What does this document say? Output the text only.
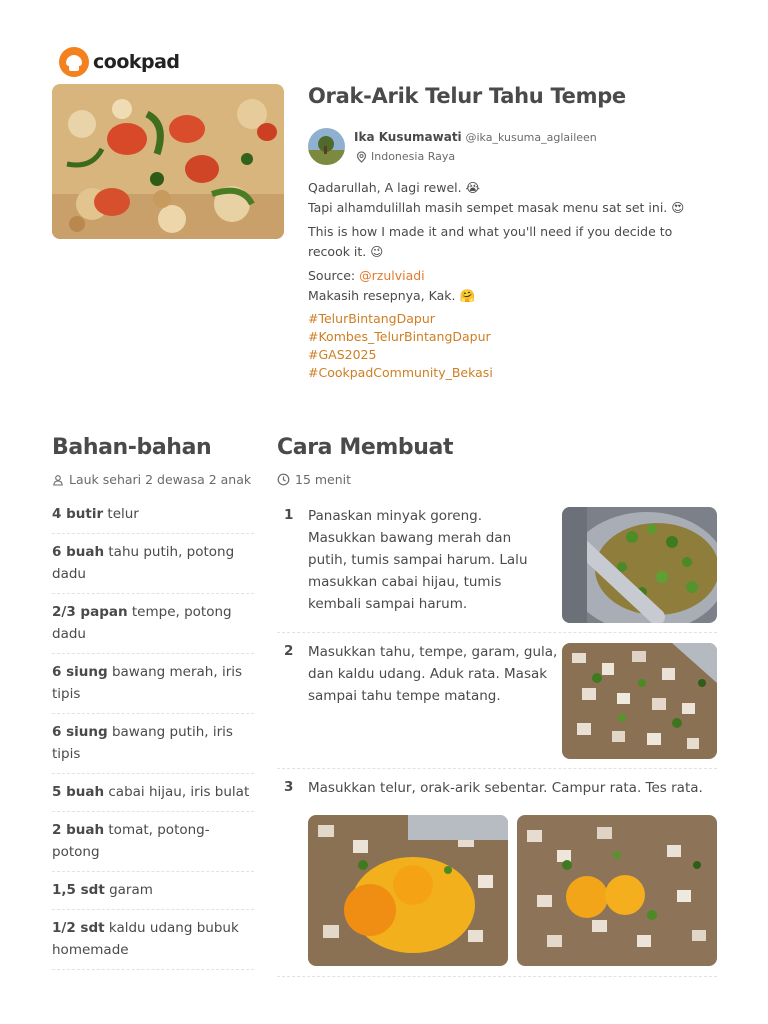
cookpad
Orak-Arik Telur Tahu Tempe
Ika Kusumawati @ika_kusuma_aglaileen
Indonesia Raya
Qadarullah, A lagi rewel. 😭
Tapi alhamdulillah masih sempet masak menu sat set ini. 😍
This is how I made it and what you'll need if you decide to recook it. 😉
Source: @rzulviadi
Makasih resepnya, Kak. 🤗
#TelurBintangDapur
#Kombes_TelurBintangDapur
#GAS2025
#CookpadCommunity_Bekasi
Bahan-bahan
Lauk sehari 2 dewasa 2 anak
4 butir telur
6 buah tahu putih, potong dadu
2/3 papan tempe, potong dadu
6 siung bawang merah, iris tipis
6 siung bawang putih, iris tipis
5 buah cabai hijau, iris bulat
2 buah tomat, potong-potong
1,5 sdt garam
1/2 sdt kaldu udang bubuk homemade
Cara Membuat
15 menit
1 Panaskan minyak goreng. Masukkan bawang merah dan putih, tumis sampai harum. Lalu masukkan cabai hijau, tumis kembali sampai harum.
2 Masukkan tahu, tempe, garam, gula, dan kaldu udang. Aduk rata. Masak sampai tahu tempe matang.
3 Masukkan telur, orak-arik sebentar. Campur rata. Tes rata.
